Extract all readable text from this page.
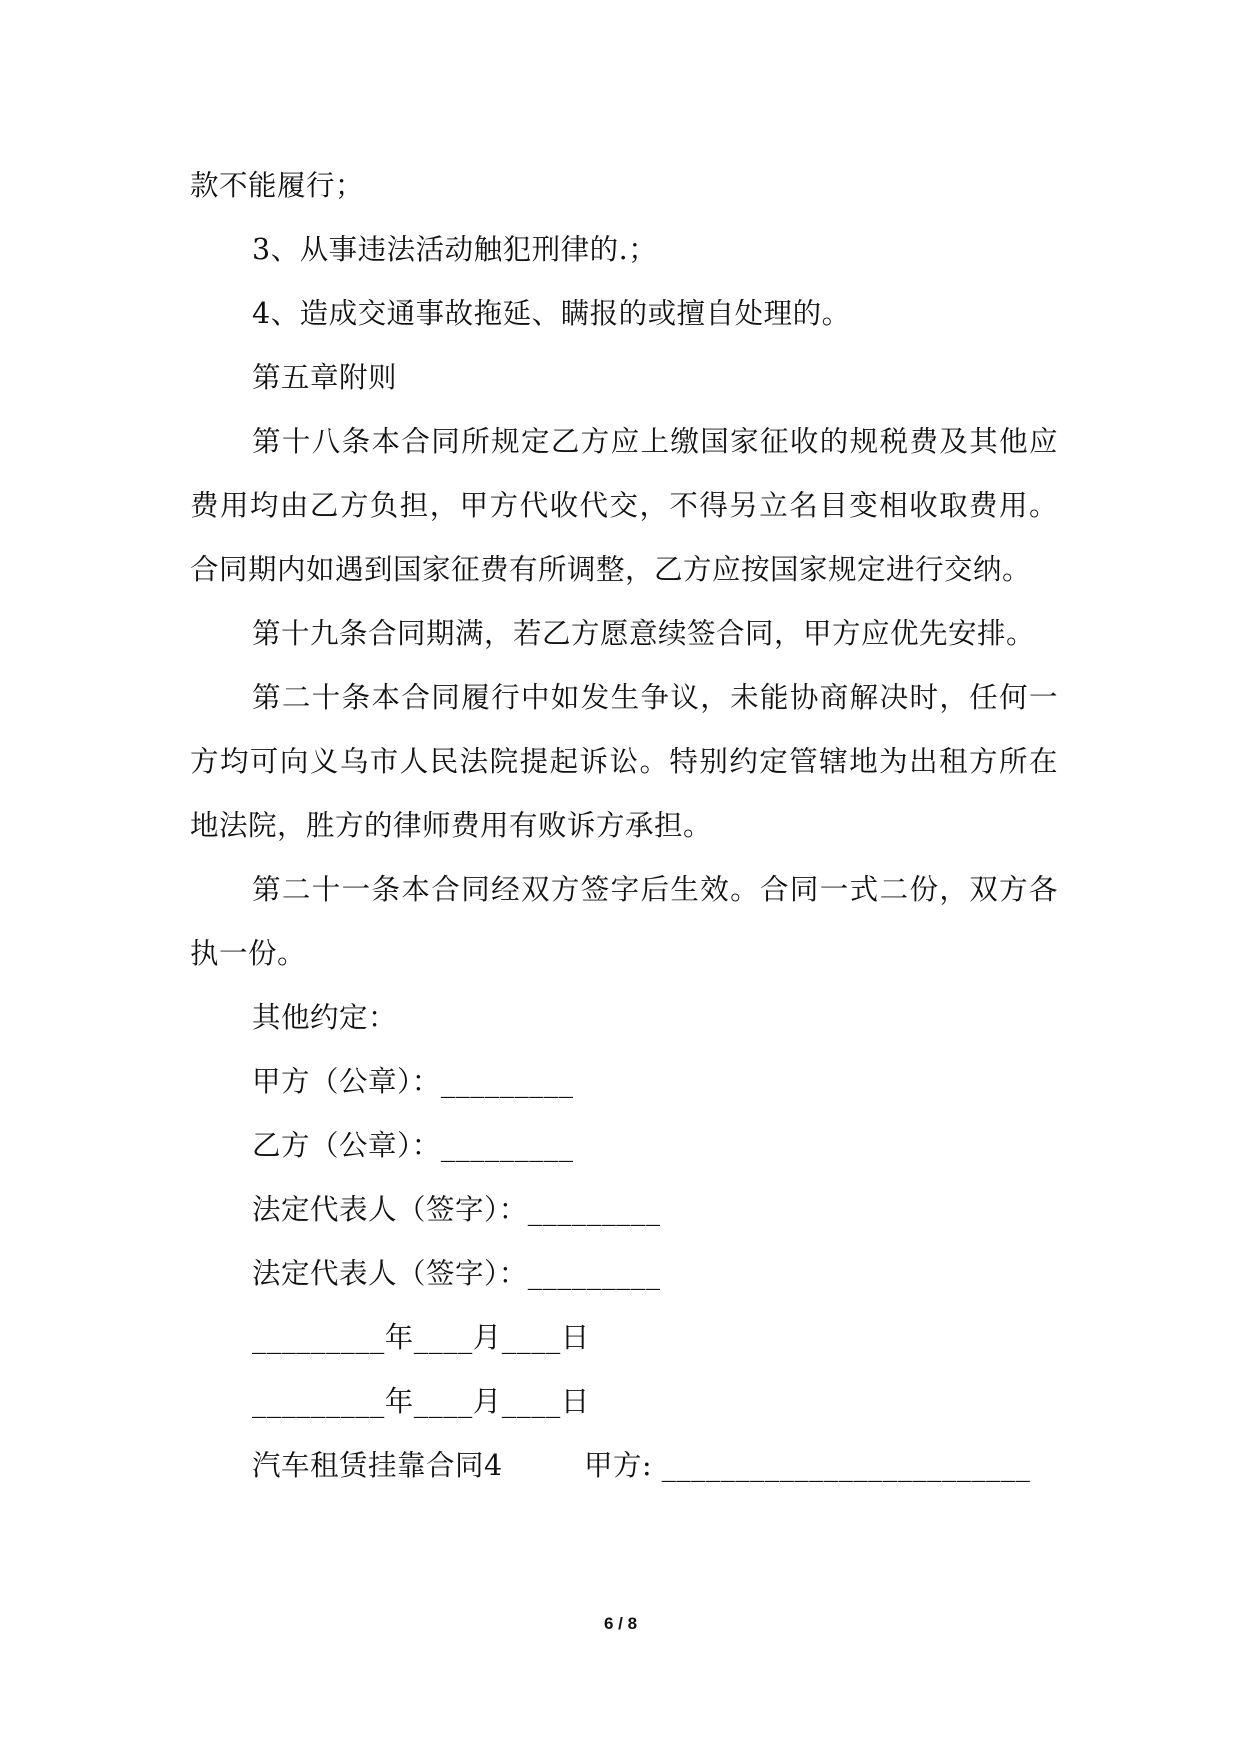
款不能履行；

3、从事违法活动触犯刑律的.；

4、造成交通事故拖延、瞒报的或擅自处理的。

第五章附则

第十八条本合同所规定乙方应上缴国家征收的规税费及其他应费用均由乙方负担，甲方代收代交，不得另立名目变相收取费用。合同期内如遇到国家征费有所调整，乙方应按国家规定进行交纳。

第十九条合同期满，若乙方愿意续签合同，甲方应优先安排。

第二十条本合同履行中如发生争议，未能协商解决时，任何一方均可向义乌市人民法院提起诉讼。特别约定管辖地为出租方所在地法院，胜方的律师费用有败诉方承担。

第二十一条本合同经双方签字后生效。合同一式二份，双方各执一份。

其他约定：

甲方（公章）：_________

乙方（公章）：_________

法定代表人（签字）：_________

法定代表人（签字）：_________

_________年____月____日

_________年____月____日

汽车租赁挂靠合同4	甲方: _________________________
6 / 8
